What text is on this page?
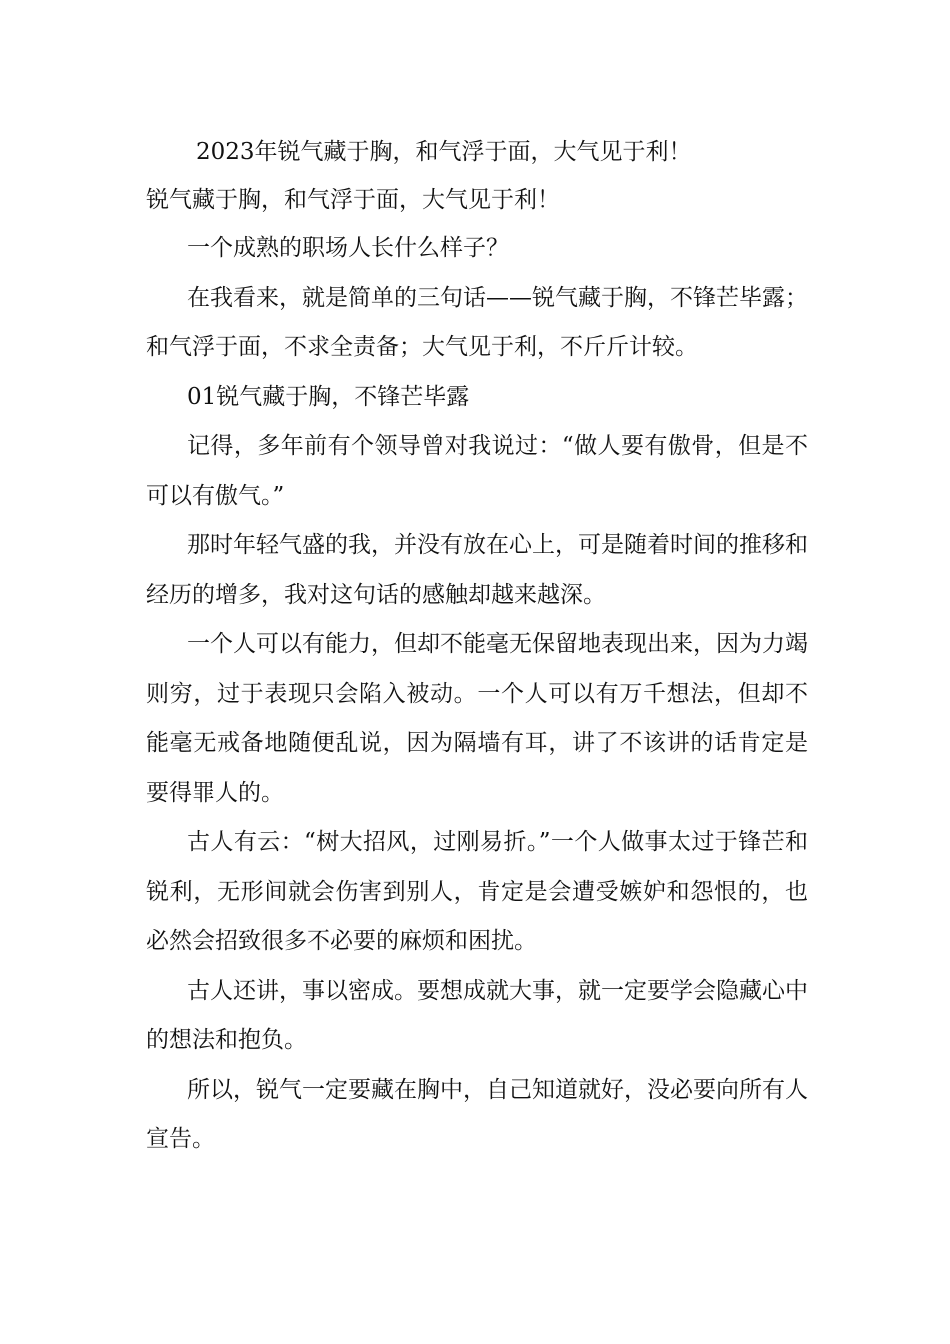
2023年锐气藏于胸，和气浮于面，大气见于利！

锐气藏于胸，和气浮于面，大气见于利！

一个成熟的职场人长什么样子？

在我看来，就是简单的三句话——锐气藏于胸，不锋芒毕露；和气浮于面，不求全责备；大气见于利，不斤斤计较。

01锐气藏于胸，不锋芒毕露

记得，多年前有个领导曾对我说过：“做人要有傲骨，但是不可以有傲气。”

那时年轻气盛的我，并没有放在心上，可是随着时间的推移和经历的增多，我对这句话的感触却越来越深。

一个人可以有能力，但却不能毫无保留地表现出来，因为力竭则穷，过于表现只会陷入被动。一个人可以有万千想法，但却不能毫无戒备地随便乱说，因为隔墙有耳，讲了不该讲的话肯定是要得罪人的。

古人有云：“树大招风，过刚易折。”一个人做事太过于锋芒和锐利，无形间就会伤害到别人，肯定是会遭受嫉妒和怨恨的，也必然会招致很多不必要的麻烦和困扰。

古人还讲，事以密成。要想成就大事，就一定要学会隐藏心中的想法和抱负。

所以，锐气一定要藏在胸中，自己知道就好，没必要向所有人宣告。
